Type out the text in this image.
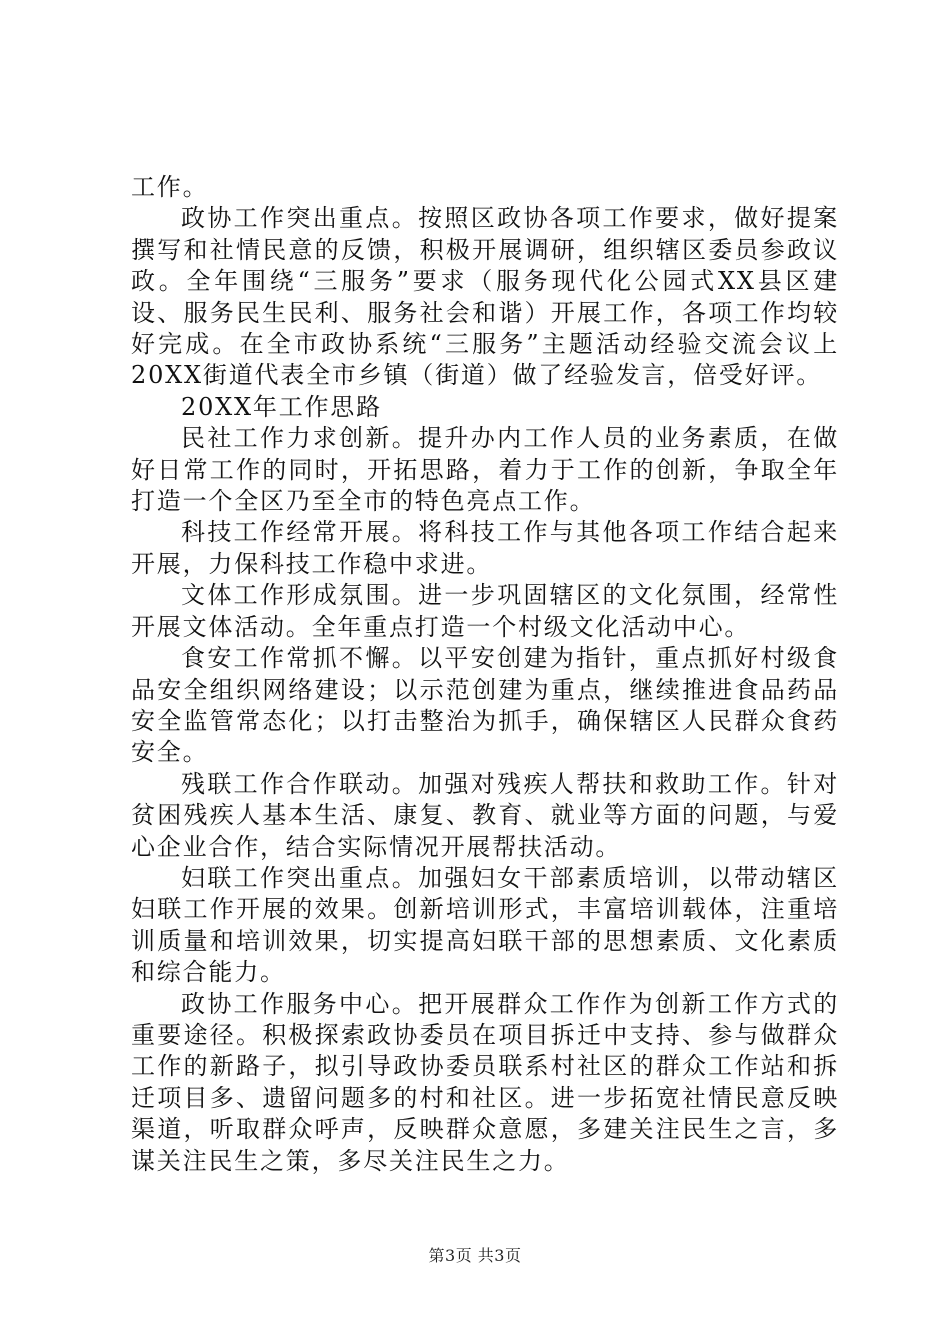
工作。

政协工作突出重点。按照区政协各项工作要求，做好提案撰写和社情民意的反馈，积极开展调研，组织辖区委员参政议政。全年围绕“三服务”要求（服务现代化公园式XX县区建设、服务民生民利、服务社会和谐）开展工作，各项工作均较好完成。在全市政协系统“三服务”主题活动经验交流会议上20XX街道代表全市乡镇（街道）做了经验发言，倍受好评。

20XX年工作思路

民社工作力求创新。提升办内工作人员的业务素质，在做好日常工作的同时，开拓思路，着力于工作的创新，争取全年打造一个全区乃至全市的特色亮点工作。

科技工作经常开展。将科技工作与其他各项工作结合起来开展，力保科技工作稳中求进。

文体工作形成氛围。进一步巩固辖区的文化氛围，经常性开展文体活动。全年重点打造一个村级文化活动中心。

食安工作常抓不懈。以平安创建为指针，重点抓好村级食品安全组织网络建设；以示范创建为重点，继续推进食品药品安全监管常态化；以打击整治为抓手，确保辖区人民群众食药安全。

残联工作合作联动。加强对残疾人帮扶和救助工作。针对贫困残疾人基本生活、康复、教育、就业等方面的问题，与爱心企业合作，结合实际情况开展帮扶活动。

妇联工作突出重点。加强妇女干部素质培训，以带动辖区妇联工作开展的效果。创新培训形式，丰富培训载体，注重培训质量和培训效果，切实提高妇联干部的思想素质、文化素质和综合能力。

政协工作服务中心。把开展群众工作作为创新工作方式的重要途径。积极探索政协委员在项目拆迁中支持、参与做群众工作的新路子，拟引导政协委员联系村社区的群众工作站和拆迁项目多、遗留问题多的村和社区。进一步拓宽社情民意反映渠道，听取群众呼声，反映群众意愿，多建关注民生之言，多谋关注民生之策，多尽关注民生之力。

第3页 共3页
